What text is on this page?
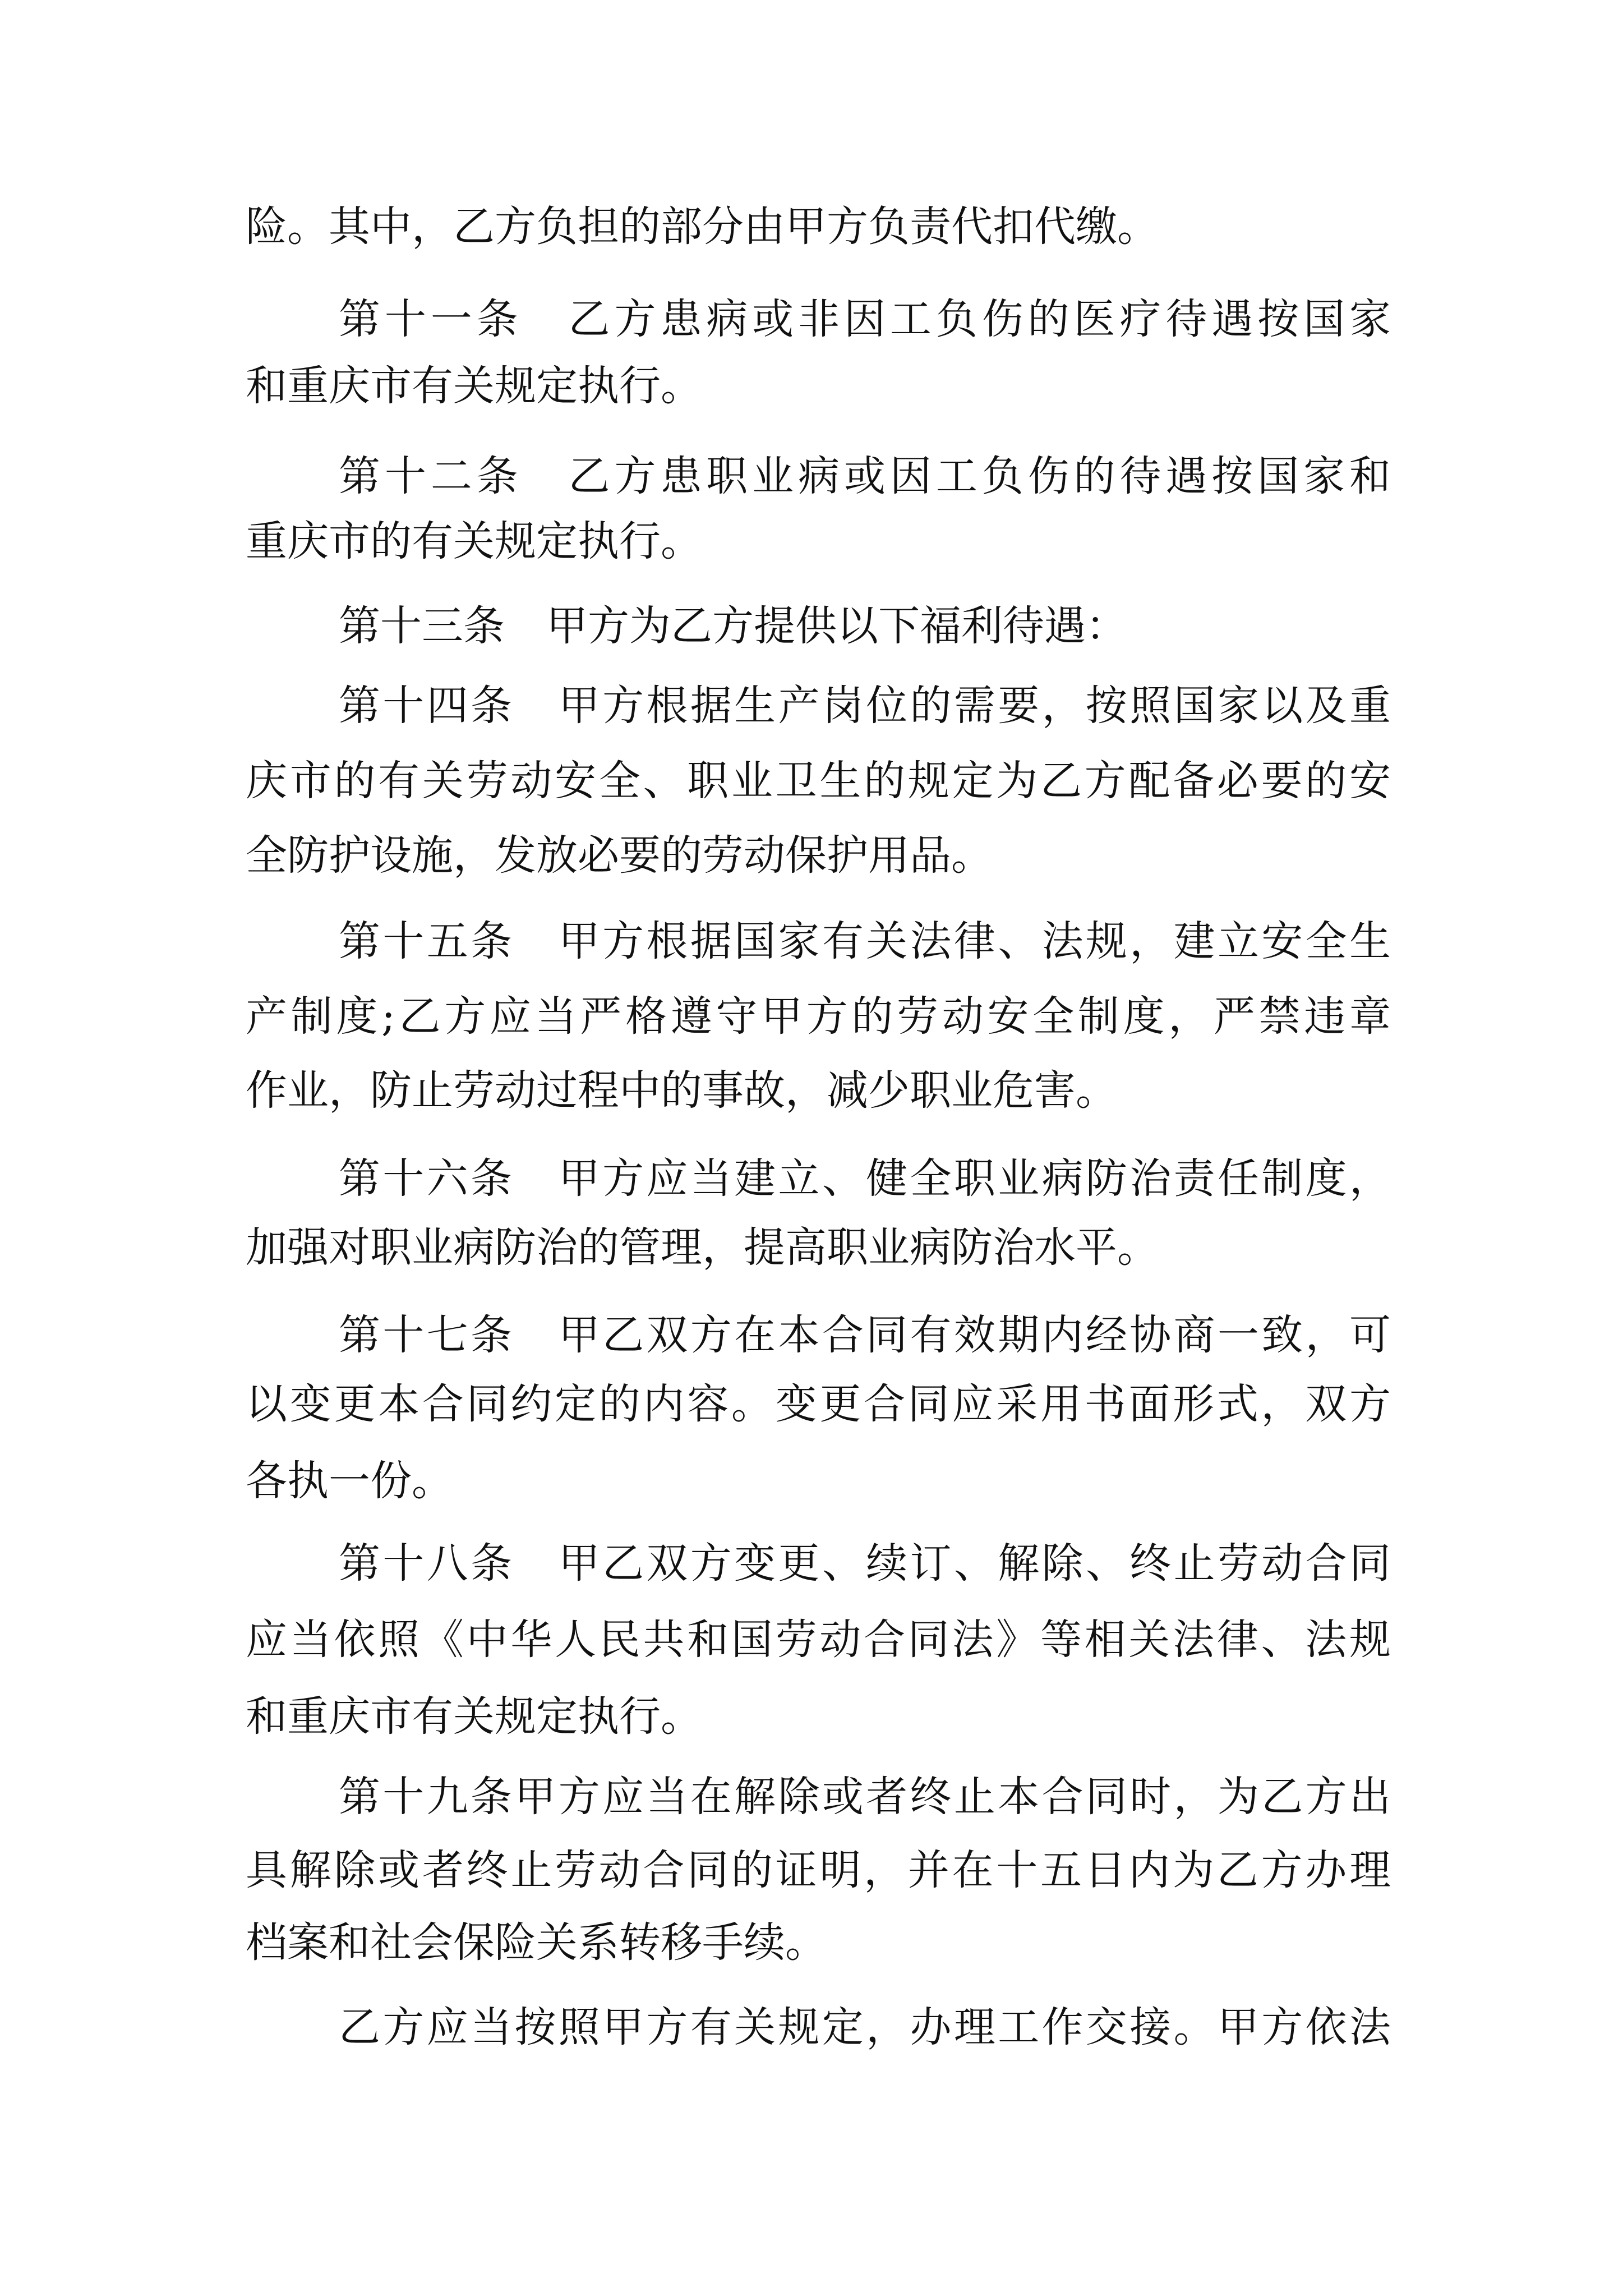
险。其中，乙方负担的部分由甲方负责代扣代缴。
第十一条　乙方患病或非因工负伤的医疗待遇按国家
和重庆市有关规定执行。
第十二条　乙方患职业病或因工负伤的待遇按国家和
重庆市的有关规定执行。
第十三条　甲方为乙方提供以下福利待遇：
第十四条　甲方根据生产岗位的需要，按照国家以及重
庆市的有关劳动安全、职业卫生的规定为乙方配备必要的安
全防护设施，发放必要的劳动保护用品。
第十五条　甲方根据国家有关法律、法规，建立安全生
产制度;乙方应当严格遵守甲方的劳动安全制度，严禁违章
作业，防止劳动过程中的事故，减少职业危害。
第十六条　甲方应当建立、健全职业病防治责任制度，
加强对职业病防治的管理，提高职业病防治水平。
第十七条　甲乙双方在本合同有效期内经协商一致，可
以变更本合同约定的内容。变更合同应采用书面形式，双方
各执一份。
第十八条　甲乙双方变更、续订、解除、终止劳动合同
应当依照《中华人民共和国劳动合同法》等相关法律、法规
和重庆市有关规定执行。
第十九条甲方应当在解除或者终止本合同时，为乙方出
具解除或者终止劳动合同的证明，并在十五日内为乙方办理
档案和社会保险关系转移手续。
乙方应当按照甲方有关规定，办理工作交接。甲方依法
